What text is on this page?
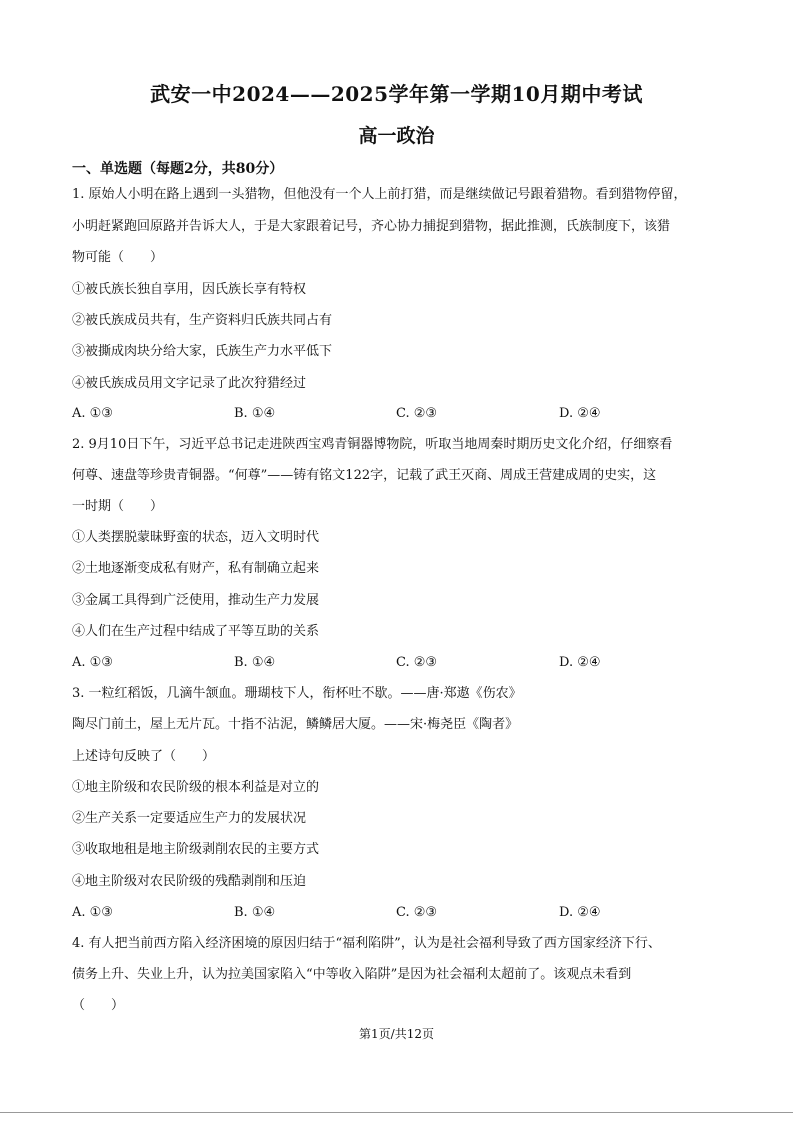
武安一中2024——2025学年第一学期10月期中考试
高一政治
一、单选题（每题2分，共80分）
1. 原始人小明在路上遇到一头猎物，但他没有一个人上前打猎，而是继续做记号跟着猎物。看到猎物停留，
小明赶紧跑回原路并告诉大人，于是大家跟着记号，齐心协力捕捉到猎物，据此推测，氏族制度下，该猎
物可能（　　）
①被氏族长独自享用，因氏族长享有特权
②被氏族成员共有，生产资料归氏族共同占有
③被撕成肉块分给大家，氏族生产力水平低下
④被氏族成员用文字记录了此次狩猎经过
A. ①③	B. ①④	C. ②③	D. ②④
2. 9月10日下午，习近平总书记走进陕西宝鸡青铜器博物院，听取当地周秦时期历史文化介绍，仔细察看
何尊、速盘等珍贵青铜器。“何尊”——铸有铭文122字，记载了武王灭商、周成王营建成周的史实，这
一时期（　　）
①人类摆脱蒙昧野蛮的状态，迈入文明时代
②土地逐渐变成私有财产，私有制确立起来
③金属工具得到广泛使用，推动生产力发展
④人们在生产过程中结成了平等互助的关系
A. ①③	B. ①④	C. ②③	D. ②④
3. 一粒红稻饭，几滴牛颔血。珊瑚枝下人，衔杯吐不歇。——唐·郑遨《伤农》
陶尽门前土，屋上无片瓦。十指不沾泥，鳞鳞居大厦。——宋·梅尧臣《陶者》
上述诗句反映了（　　）
①地主阶级和农民阶级的根本利益是对立的
②生产关系一定要适应生产力的发展状况
③收取地租是地主阶级剥削农民的主要方式
④地主阶级对农民阶级的残酷剥削和压迫
A. ①③	B. ①④	C. ②③	D. ②④
4. 有人把当前西方陷入经济困境的原因归结于“福利陷阱”，认为是社会福利导致了西方国家经济下行、
债务上升、失业上升，认为拉美国家陷入“中等收入陷阱”是因为社会福利太超前了。该观点未看到
（　　）
第1页/共12页
